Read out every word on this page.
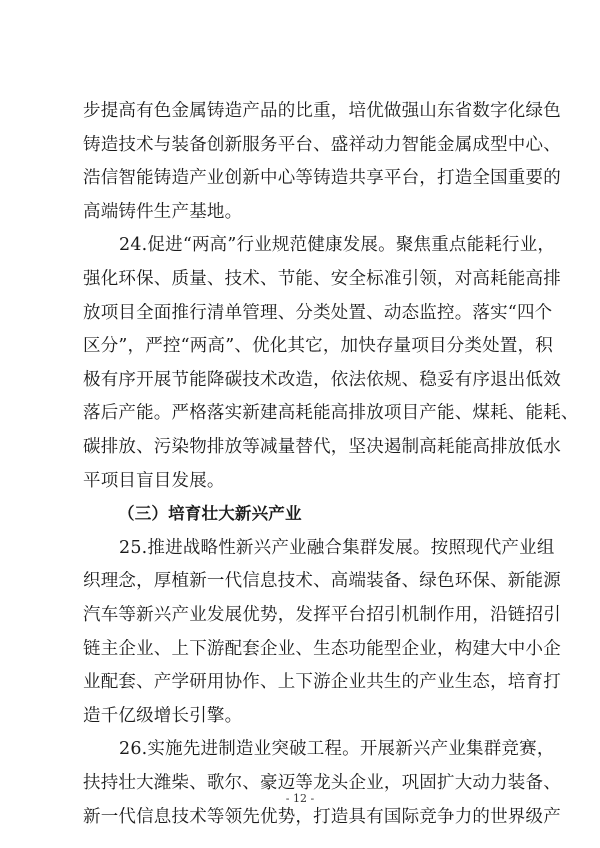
- 12 -
步提高有色金属铸造产品的比重，培优做强山东省数字化绿色
铸造技术与装备创新服务平台、盛祥动力智能金属成型中心、
浩信智能铸造产业创新中心等铸造共享平台，打造全国重要的
高端铸件生产基地。
24.促进“两高”行业规范健康发展。聚焦重点能耗行业，
强化环保、质量、技术、节能、安全标准引领，对高耗能高排
放项目全面推行清单管理、分类处置、动态监控。落实“四个
区分”，严控“两高”、优化其它，加快存量项目分类处置，积
极有序开展节能降碳技术改造，依法依规、稳妥有序退出低效
落后产能。严格落实新建高耗能高排放项目产能、煤耗、能耗、
碳排放、污染物排放等减量替代，坚决遏制高耗能高排放低水
平项目盲目发展。
（三）培育壮大新兴产业
25.推进战略性新兴产业融合集群发展。按照现代产业组
织理念，厚植新一代信息技术、高端装备、绿色环保、新能源
汽车等新兴产业发展优势，发挥平台招引机制作用，沿链招引
链主企业、上下游配套企业、生态功能型企业，构建大中小企
业配套、产学研用协作、上下游企业共生的产业生态，培育打
造千亿级增长引擎。
26.实施先进制造业突破工程。开展新兴产业集群竞赛，
扶持壮大潍柴、歌尔、豪迈等龙头企业，巩固扩大动力装备、
新一代信息技术等领先优势，打造具有国际竞争力的世界级产
